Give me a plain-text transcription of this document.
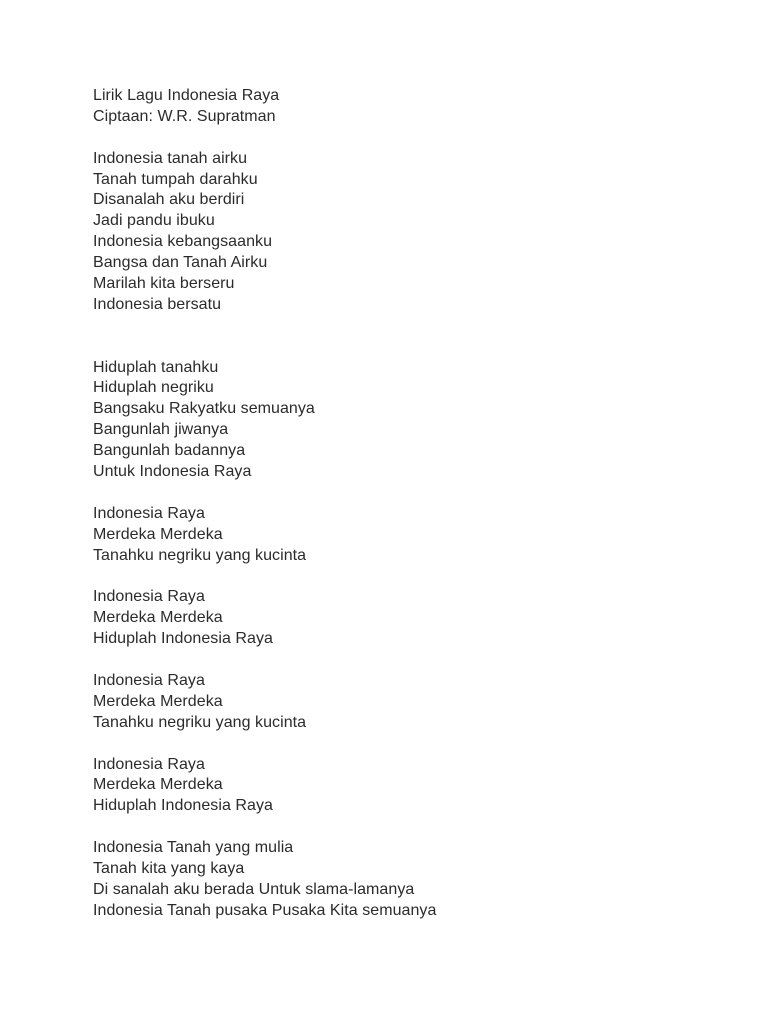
Lirik Lagu Indonesia Raya
Ciptaan: W.R. Supratman
Indonesia tanah airku
Tanah tumpah darahku
Disanalah aku berdiri
Jadi pandu ibuku
Indonesia kebangsaanku
Bangsa dan Tanah Airku
Marilah kita berseru
Indonesia bersatu
Hiduplah tanahku
Hiduplah negriku
Bangsaku Rakyatku semuanya
Bangunlah jiwanya
Bangunlah badannya
Untuk Indonesia Raya
Indonesia Raya
Merdeka Merdeka
Tanahku negriku yang kucinta
Indonesia Raya
Merdeka Merdeka
Hiduplah Indonesia Raya
Indonesia Raya
Merdeka Merdeka
Tanahku negriku yang kucinta
Indonesia Raya
Merdeka Merdeka
Hiduplah Indonesia Raya
Indonesia Tanah yang mulia
Tanah kita yang kaya
Di sanalah aku berada Untuk slama-lamanya
Indonesia Tanah pusaka Pusaka Kita semuanya
